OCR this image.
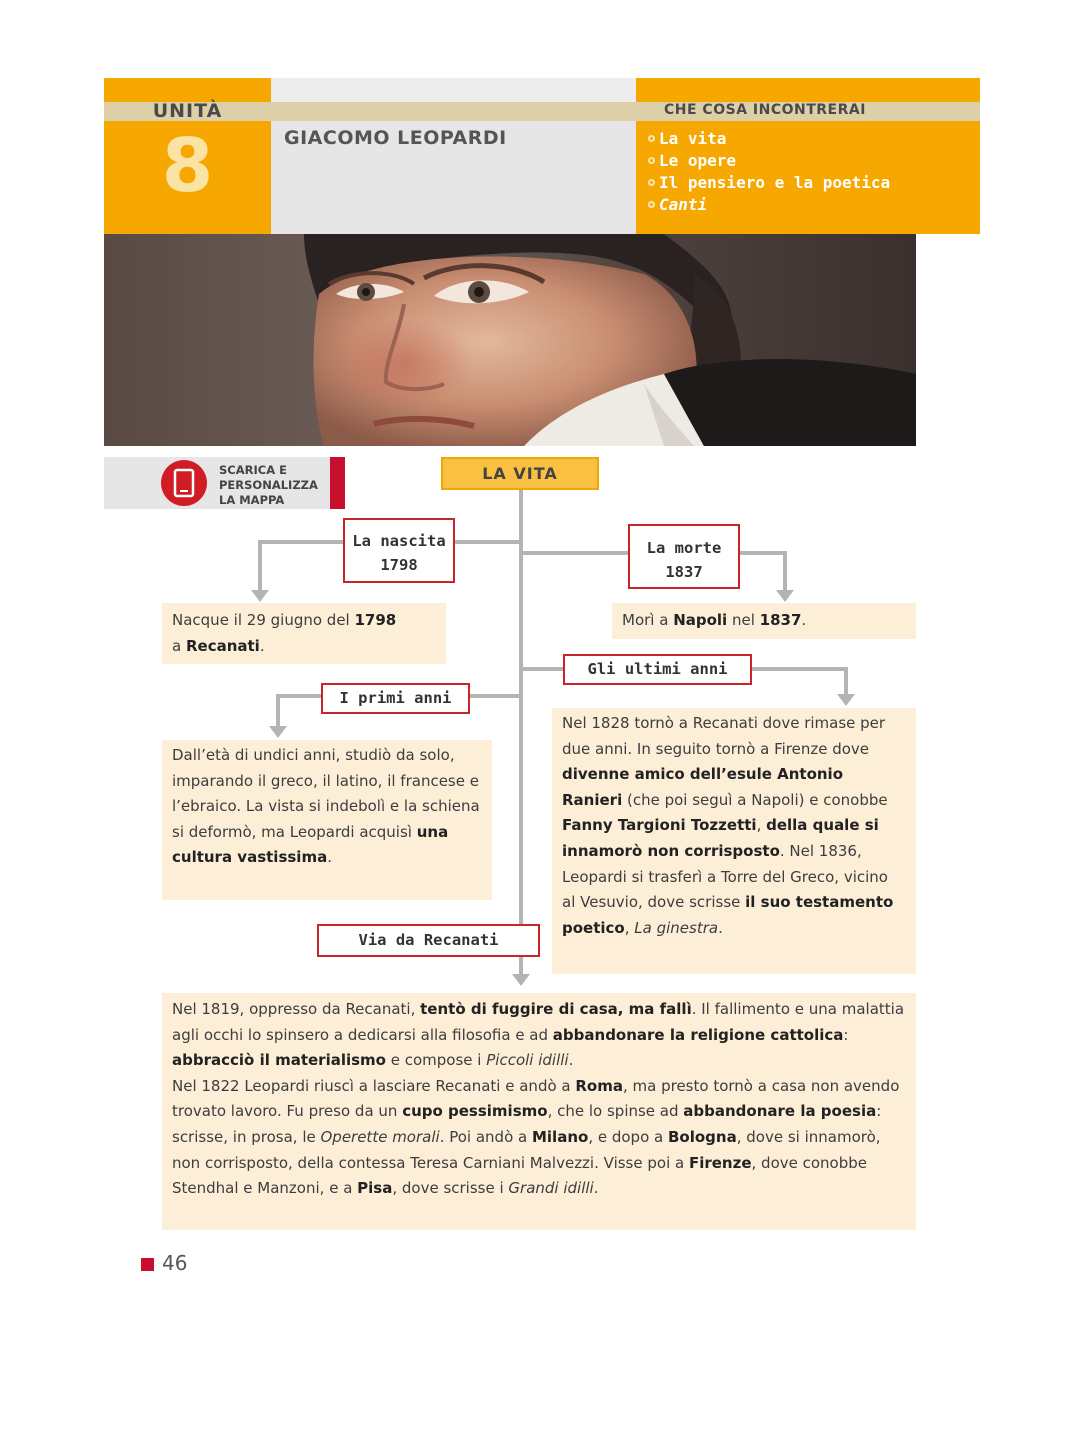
UNITÀ
8	GIACOMO LEOPARDI
CHE COSA INCONTRERAI
La vita
Le opere
Il pensiero e la poetica
Canti
SCARICA E
PERSONALIZZA
LA MAPPA
LA VITA
La nascita
1798
La morte
1837
Gli ultimi anni
I primi anni
Via da Recanati
Nacque il 29 giugno del 1798
a Recanati.
Morì a Napoli nel 1837.
Dall’età di undici anni, studiò da solo, imparando il greco, il latino, il francese e l’ebraico. La vista si indebolì e la schiena si deformò, ma Leopardi acquisì una cultura vastissima.
Nel 1828 tornò a Recanati dove rimase per due anni. In seguito tornò a Firenze dove divenne amico dell’esule Antonio Ranieri (che poi seguì a Napoli) e conobbe Fanny Targioni Tozzetti, della quale si innamorò non corrisposto. Nel 1836, Leopardi si trasferì a Torre del Greco, vicino al Vesuvio, dove scrisse il suo testamento poetico, La ginestra.
Nel 1819, oppresso da Recanati, tentò di fuggire di casa, ma fallì. Il fallimento e una malattia agli occhi lo spinsero a dedicarsi alla filosofia e ad abbandonare la religione cattolica: abbracciò il materialismo e compose i Piccoli idilli.
Nel 1822 Leopardi riuscì a lasciare Recanati e andò a Roma, ma presto tornò a casa non avendo trovato lavoro. Fu preso da un cupo pessimismo, che lo spinse ad abbandonare la poesia: scrisse, in prosa, le Operette morali. Poi andò a Milano, e dopo a Bologna, dove si innamorò, non corrisposto, della contessa Teresa Carniani Malvezzi. Visse poi a Firenze, dove conobbe Stendhal e Manzoni, e a Pisa, dove scrisse i Grandi idilli.
46
